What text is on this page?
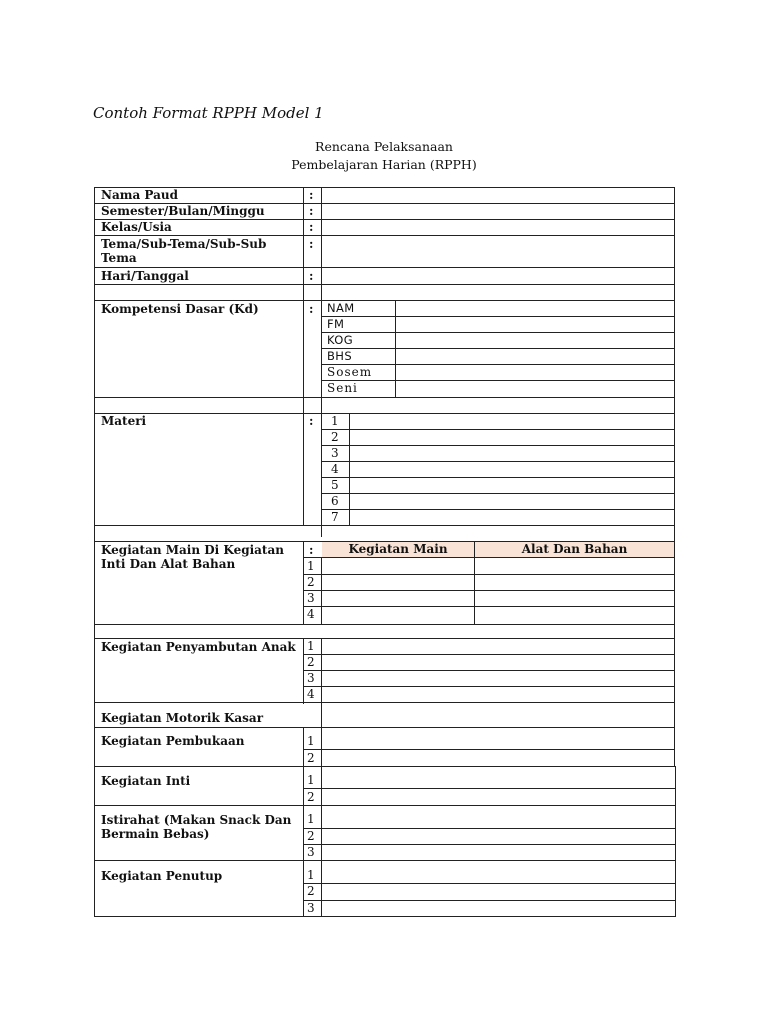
Contoh Format RPPH Model 1
Rencana Pelaksanaan
Pembelajaran Harian (RPPH)
Kegiatan Main	Alat Dan Bahan
Nama Paud
Semester/Bulan/Minggu
Kelas/Usia
Tema/Sub-Tema/Sub-Sub Tema
Hari/Tanggal
Kompetensi Dasar (Kd)
Materi
Kegiatan Main Di Kegiatan Inti Dan Alat Bahan
Kegiatan Penyambutan Anak
Kegiatan Motorik Kasar
Kegiatan Pembukaan
Kegiatan Inti
Istirahat (Makan Snack Dan Bermain Bebas)
Kegiatan Penutup
:
:
:
:
:
:
:
:
NAM
FM
KOG
BHS
Sosem
Seni
1
2
3
4
5
6
7
1
2
3
4
1
2
3
4
1
2
1
2
1
2
3
1
2
3
